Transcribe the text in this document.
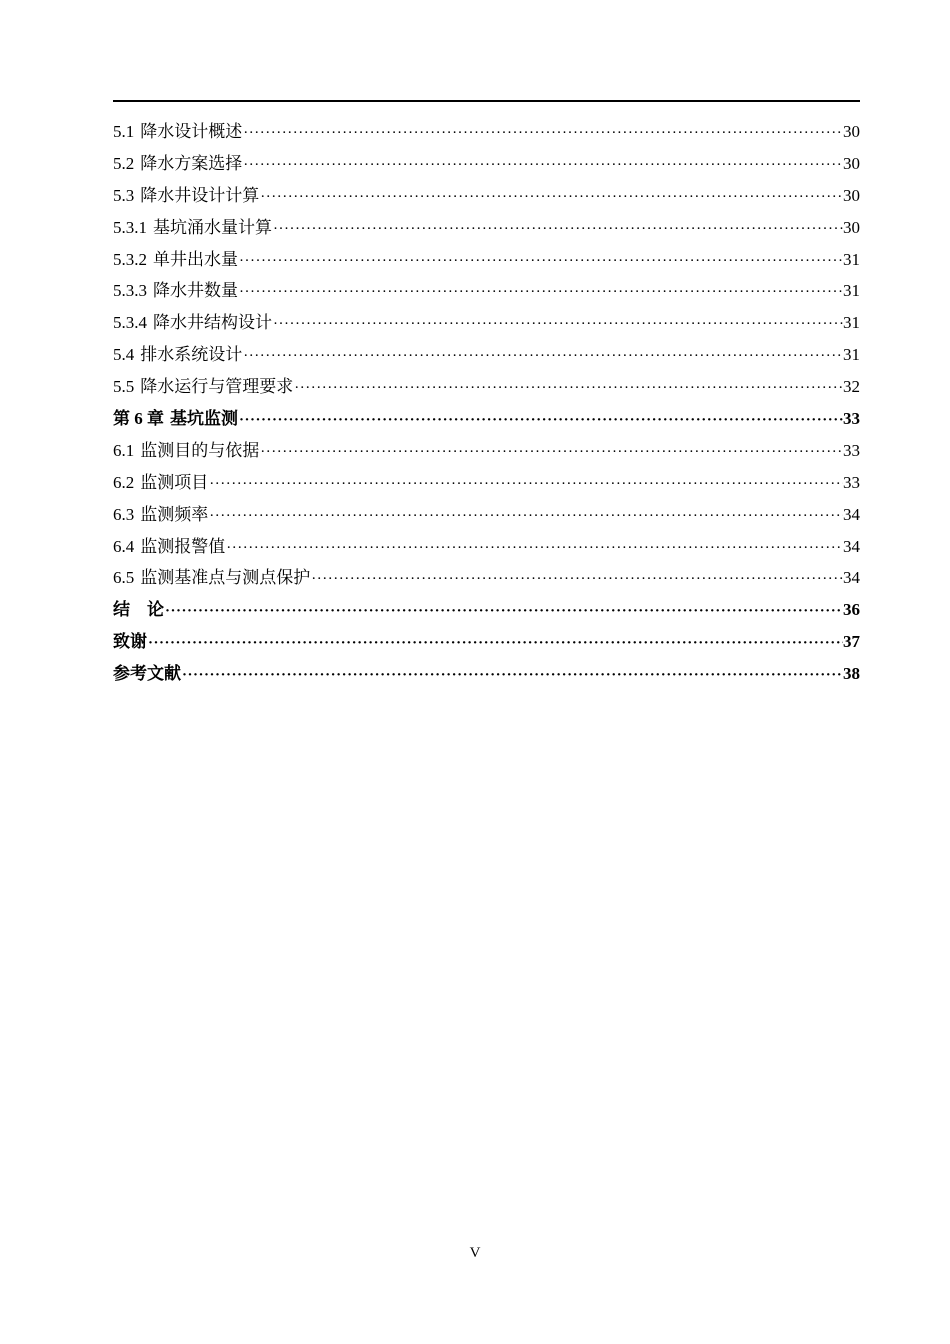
5.1 降水设计概述 ·····	30
5.2 降水方案选择 ·····	30
5.3 降水井设计计算 ·····	30
5.3.1 基坑涌水量计算 ·····	30
5.3.2 单井出水量 ·····	31
5.3.3 降水井数量 ·····	31
5.3.4 降水井结构设计 ·····	31
5.4 排水系统设计 ·····	31
5.5 降水运行与管理要求 ·····	32
第 6 章 基坑监测 ·····	33
6.1 监测目的与依据 ·····	33
6.2 监测项目 ·····	33
6.3 监测频率 ·····	34
6.4 监测报警值 ·····	34
6.5 监测基准点与测点保护 ·····	34
结　论 ·····	36
致谢 ·····	37
参考文献 ·····	38
V
